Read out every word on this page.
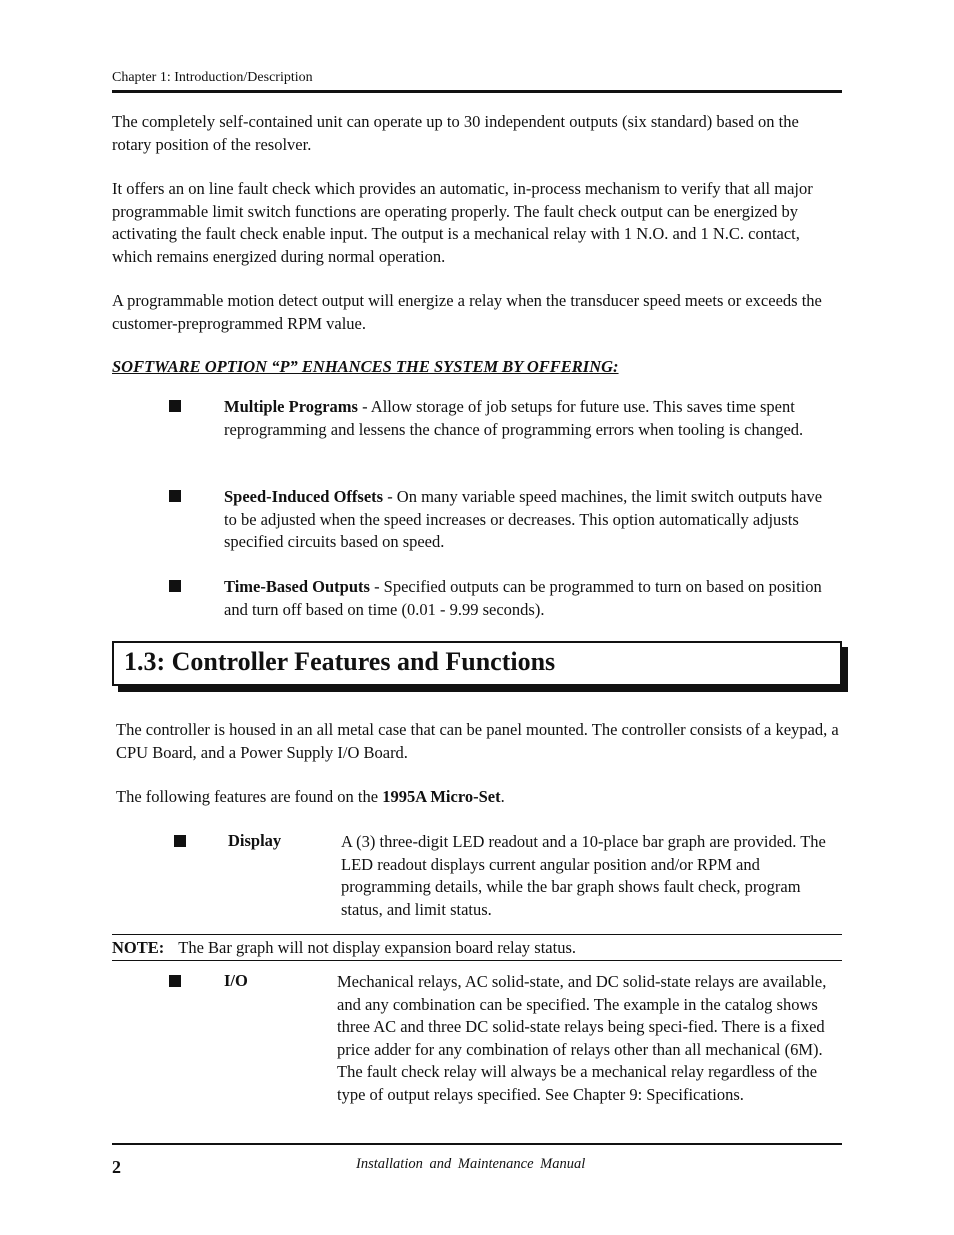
Chapter 1: Introduction/Description

The completely self-contained unit can operate up to 30 independent outputs (six standard) based on the rotary position of the resolver.

It offers an on line fault check which provides an automatic, in-process mechanism to verify that all major programmable limit switch functions are operating properly. The fault check output can be energized by activating the fault check enable input. The output is a mechanical relay with 1 N.O. and 1 N.C. contact, which remains energized during normal operation.

A programmable motion detect output will energize a relay when the transducer speed meets or exceeds the customer-preprogrammed RPM value.

SOFTWARE OPTION “P” ENHANCES THE SYSTEM BY OFFERING:

Multiple Programs - Allow storage of job setups for future use. This saves time spent reprogramming and lessens the chance of programming errors when tooling is changed.

Speed-Induced Offsets - On many variable speed machines, the limit switch outputs have to be adjusted when the speed increases or decreases. This option automatically adjusts specified circuits based on speed.

Time-Based Outputs - Specified outputs can be programmed to turn on based on position and turn off based on time (0.01 - 9.99 seconds).

1.3: Controller Features and Functions

The controller is housed in an all metal case that can be panel mounted. The controller consists of a keypad, a CPU Board, and a Power Supply I/O Board.

The following features are found on the 1995A Micro-Set.

Display	A (3) three-digit LED readout and a 10-place bar graph are provided. The LED readout displays current angular position and/or RPM and programming details, while the bar graph shows fault check, program status, and limit status.

NOTE: The Bar graph will not display expansion board relay status.
I/O	Mechanical relays, AC solid-state, and DC solid-state relays are available, and any combination can be specified. The example in the catalog shows three AC and three DC solid-state relays being speci-fied. There is a fixed price adder for any combination of relays other than all mechanical (6M). The fault check relay will always be a mechanical relay regardless of the type of output relays specified. See Chapter 9: Specifications.

2	Installation and Maintenance Manual
